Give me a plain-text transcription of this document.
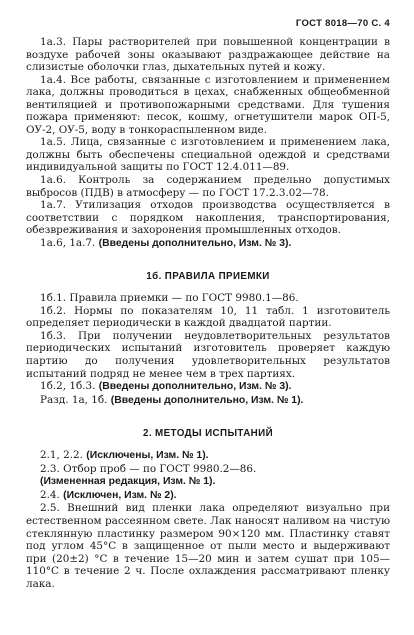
ГОСТ 8018—70 С. 4

1а.3. Пары растворителей при повышенной концентрации в воздухе рабочей зоны оказывают раздражающее действие на слизистые оболочки глаз, дыхательных путей и кожу.

1а.4. Все работы, связанные с изготовлением и применением лака, должны проводиться в цехах, снабженных общеобменной вентиляцией и противопожарными средствами. Для тушения пожара применяют: песок, кошму, огнетушители марок ОП-5, ОУ-2, ОУ-5, воду в тонкораспыленном виде.

1а.5. Лица, связанные с изготовлением и применением лака, должны быть обеспечены специальной одеждой и средствами индивидуальной защиты по ГОСТ 12.4.011—89.

1а.6. Контроль за содержанием предельно допустимых выбросов (ПДВ) в атмосферу — по ГОСТ 17.2.3.02—78.

1а.7. Утилизация отходов производства осуществляется в соответствии с порядком накопления, транспортирования, обезвреживания и захоронения промышленных отходов.

1а.6, 1а.7. (Введены дополнительно, Изм. № 3).

1б. ПРАВИЛА ПРИЕМКИ

1б.1. Правила приемки — по ГОСТ 9980.1—86.

1б.2. Нормы по показателям 10, 11 табл. 1 изготовитель определяет периодически в каждой двадцатой партии.

1б.3. При получении неудовлетворительных результатов периодических испытаний изготовитель проверяет каждую партию до получения удовлетворительных результатов испытаний подряд не менее чем в трех партиях.

1б.2, 1б.3. (Введены дополнительно, Изм. № 3).

Разд. 1а, 1б. (Введены дополнительно, Изм. № 1).

2. МЕТОДЫ ИСПЫТАНИЙ

2.1, 2.2. (Исключены, Изм. № 1).

2.3. Отбор проб — по ГОСТ 9980.2—86.

(Измененная редакция, Изм. № 1).

2.4. (Исключен, Изм. № 2).

2.5. Внешний вид пленки лака определяют визуально при естественном рассеянном свете. Лак наносят наливом на чистую стеклянную пластинку размером 90×120 мм. Пластинку ставят под углом 45°С в защищенное от пыли место и выдерживают при (20±2) °С в течение 15—20 мин и затем сушат при 105—110°С в течение 2 ч. После охлаждения рассматривают пленку лака.
